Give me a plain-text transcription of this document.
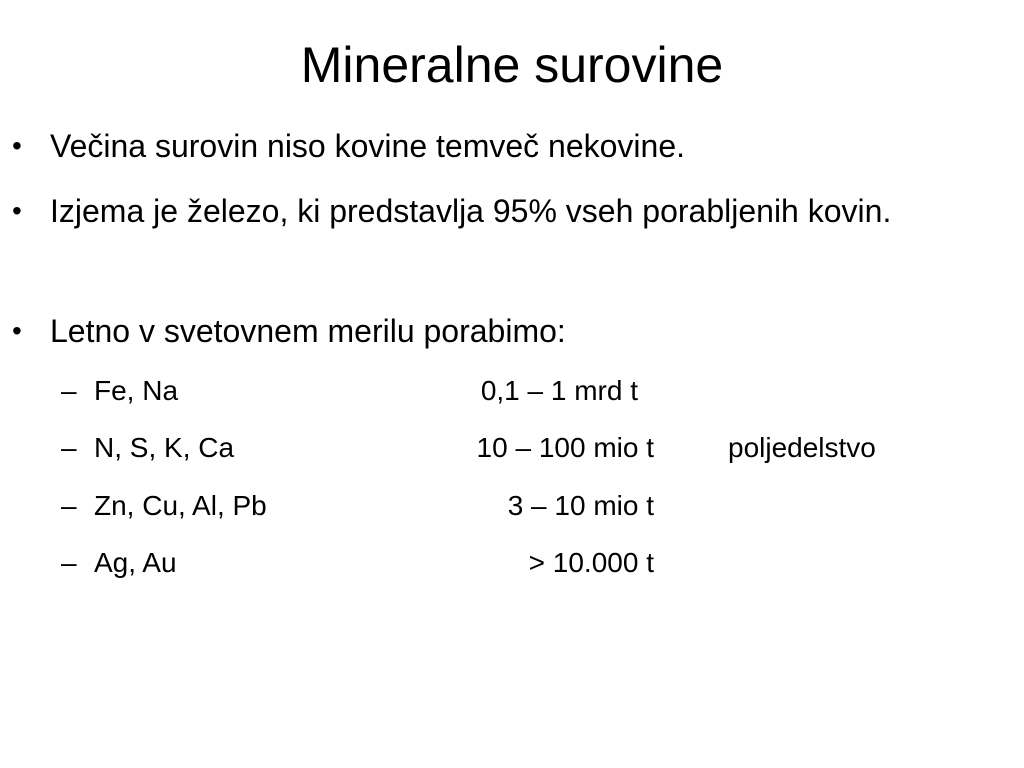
Mineralne surovine
• Večina surovin niso kovine temveč nekovine.
• Izjema je železo, ki predstavlja 95% vseh porabljenih kovin.
• Letno v svetovnem merilu porabimo:
– Fe, Na	0,1 – 1 mrd t
– N, S, K, Ca	10 – 100 mio t	poljedelstvo
– Zn, Cu, Al, Pb	3 – 10 mio t
– Ag, Au	> 10.000 t
